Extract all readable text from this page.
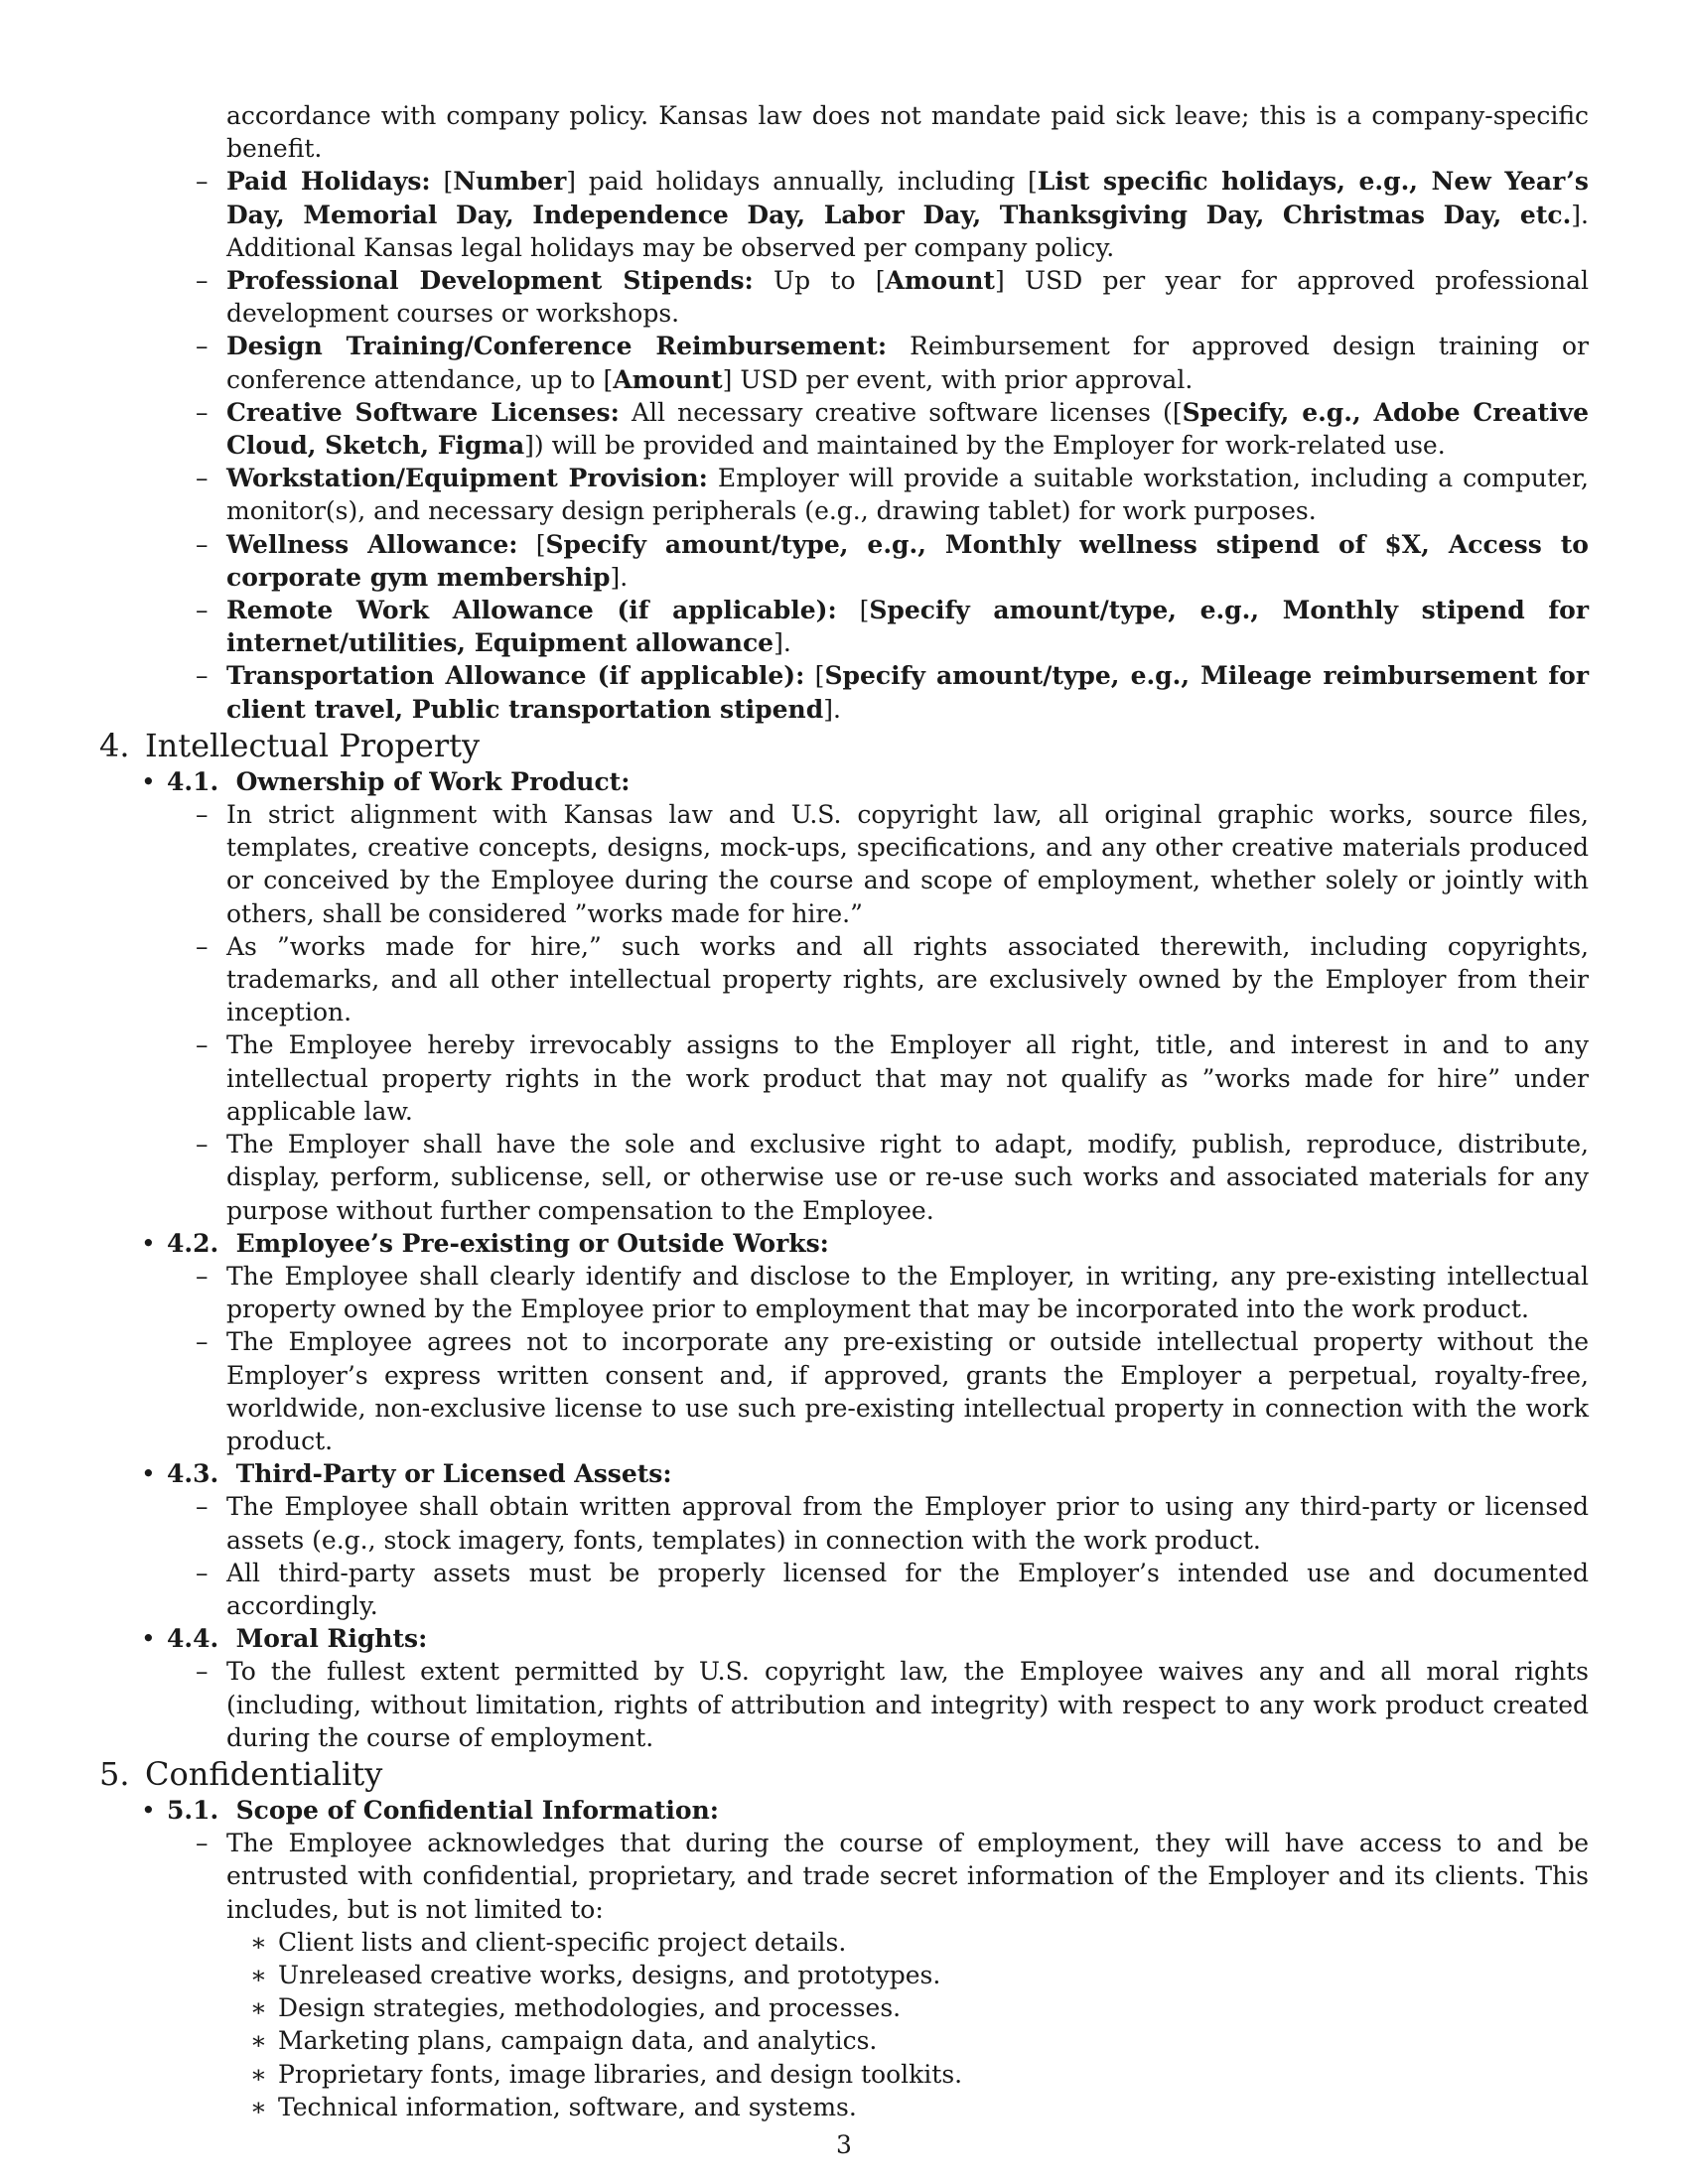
accordance with company policy. Kansas law does not mandate paid sick leave; this is a company-specific benefit.
– Paid Holidays: [Number] paid holidays annually, including [List specific holidays, e.g., New Year’s Day, Memorial Day, Independence Day, Labor Day, Thanksgiving Day, Christmas Day, etc.]. Additional Kansas legal holidays may be observed per company policy.
– Professional Development Stipends: Up to [Amount] USD per year for approved professional development courses or workshops.
– Design Training/Conference Reimbursement: Reimbursement for approved design training or conference attendance, up to [Amount] USD per event, with prior approval.
– Creative Software Licenses: All necessary creative software licenses ([Specify, e.g., Adobe Creative Cloud, Sketch, Figma]) will be provided and maintained by the Employer for work-related use.
– Workstation/Equipment Provision: Employer will provide a suitable workstation, including a computer, monitor(s), and necessary design peripherals (e.g., drawing tablet) for work purposes.
– Wellness Allowance: [Specify amount/type, e.g., Monthly wellness stipend of $X, Access to corporate gym membership].
– Remote Work Allowance (if applicable): [Specify amount/type, e.g., Monthly stipend for internet/utilities, Equipment allowance].
– Transportation Allowance (if applicable): [Specify amount/type, e.g., Mileage reimbursement for client travel, Public transportation stipend].
4. Intellectual Property
• 4.1. Ownership of Work Product:
– In strict alignment with Kansas law and U.S. copyright law, all original graphic works, source files, templates, creative concepts, designs, mock-ups, specifications, and any other creative materials produced or conceived by the Employee during the course and scope of employment, whether solely or jointly with others, shall be considered ”works made for hire.”
– As ”works made for hire,” such works and all rights associated therewith, including copyrights, trademarks, and all other intellectual property rights, are exclusively owned by the Employer from their inception.
– The Employee hereby irrevocably assigns to the Employer all right, title, and interest in and to any intellectual property rights in the work product that may not qualify as ”works made for hire” under applicable law.
– The Employer shall have the sole and exclusive right to adapt, modify, publish, reproduce, distribute, display, perform, sublicense, sell, or otherwise use or re-use such works and associated materials for any purpose without further compensation to the Employee.
• 4.2. Employee’s Pre-existing or Outside Works:
– The Employee shall clearly identify and disclose to the Employer, in writing, any pre-existing intellectual property owned by the Employee prior to employment that may be incorporated into the work product.
– The Employee agrees not to incorporate any pre-existing or outside intellectual property without the Employer’s express written consent and, if approved, grants the Employer a perpetual, royalty-free, worldwide, non-exclusive license to use such pre-existing intellectual property in connection with the work product.
• 4.3. Third-Party or Licensed Assets:
– The Employee shall obtain written approval from the Employer prior to using any third-party or licensed assets (e.g., stock imagery, fonts, templates) in connection with the work product.
– All third-party assets must be properly licensed for the Employer’s intended use and documented accordingly.
• 4.4. Moral Rights:
– To the fullest extent permitted by U.S. copyright law, the Employee waives any and all moral rights (including, without limitation, rights of attribution and integrity) with respect to any work product created during the course of employment.
5. Confidentiality
• 5.1. Scope of Confidential Information:
– The Employee acknowledges that during the course of employment, they will have access to and be entrusted with confidential, proprietary, and trade secret information of the Employer and its clients. This includes, but is not limited to:
∗ Client lists and client-specific project details.
∗ Unreleased creative works, designs, and prototypes.
∗ Design strategies, methodologies, and processes.
∗ Marketing plans, campaign data, and analytics.
∗ Proprietary fonts, image libraries, and design toolkits.
∗ Technical information, software, and systems.
3
